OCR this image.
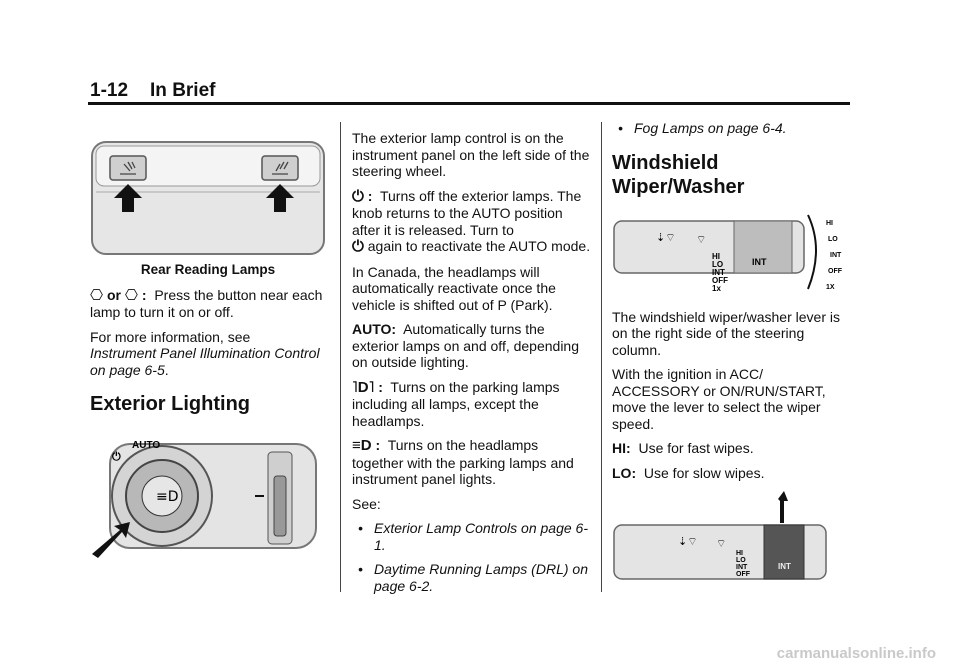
1-12 In Brief
Rear Reading Lamps

⎔ or ⎔ : Press the button near each lamp to turn it on or off.

For more information, see
Instrument Panel Illumination Control on page 6-5.

Exterior Lighting
≡D
⏻
AUTO

The exterior lamp control is on the instrument panel on the left side of the steering wheel.

⏻ : Turns off the exterior lamps. The knob returns to the AUTO position after it is released. Turn to
⏻ again to reactivate the AUTO mode.

In Canada, the headlamps will automatically reactivate once the vehicle is shifted out of P (Park).

AUTO: Automatically turns the exterior lamps on and off, depending on outside lighting.

˥D˥ : Turns on the parking lamps including all lamps, except the headlamps.

≡D : Turns on the headlamps together with the parking lamps and instrument panel lights.

See:

• Exterior Lamp Controls on page 6-1.
• Daytime Running Lamps (DRL) on page 6-2.
• Fog Lamps on page 6-4.
Windshield Wiper/Washer
⇣⌔ ⌔
HI
LO
INT
OFF
1x
INT
HI
LO
INT
OFF
1X

The windshield wiper/washer lever is on the right side of the steering column.

With the ignition in ACC/ ACCESSORY or ON/RUN/START, move the lever to select the wiper speed.

HI: Use for fast wipes.

LO: Use for slow wipes.

⇣⌔ ⌔
HI
LO
INT
OFF
INT
carmanualsonline.info
